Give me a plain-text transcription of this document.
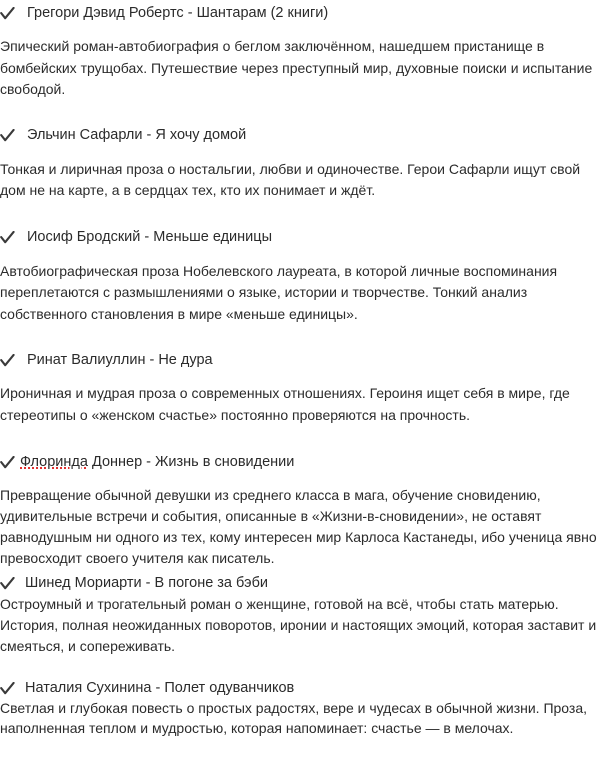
Грегори Дэвид Робертс - Шантарам (2 книги)
Эпический роман-автобиография о беглом заключённом, нашедшем пристанище в бомбейских трущобах. Путешествие через преступный мир, духовные поиски и испытание свободой.
Эльчин Сафарли - Я хочу домой
Тонкая и лиричная проза о ностальгии, любви и одиночестве. Герои Сафарли ищут свой дом не на карте, а в сердцах тех, кто их понимает и ждёт.
Иосиф Бродский - Меньше единицы
Автобиографическая проза Нобелевского лауреата, в которой личные воспоминания переплетаются с размышлениями о языке, истории и творчестве. Тонкий анализ собственного становления в мире «меньше единицы».
Ринат Валиуллин - Не дура
Ироничная и мудрая проза о современных отношениях. Героиня ищет себя в мире, где стереотипы о «женском счастье» постоянно проверяются на прочность.
Флоринда Доннер - Жизнь в сновидении
Превращение обычной девушки из среднего класса в мага, обучение сновидению, удивительные встречи и события, описанные в «Жизни-в-сновидении», не оставят равнодушным ни одного из тех, кому интересен мир Карлоса Кастанеды, ибо ученица явно превосходит своего учителя как писатель.
Шинед Мориарти - В погоне за бэби
Остроумный и трогательный роман о женщине, готовой на всё, чтобы стать матерью. История, полная неожиданных поворотов, иронии и настоящих эмоций, которая заставит и смеяться, и сопереживать.
Наталия Сухинина - Полет одуванчиков
Светлая и глубокая повесть о простых радостях, вере и чудесах в обычной жизни. Проза, наполненная теплом и мудростью, которая напоминает: счастье — в мелочах.
